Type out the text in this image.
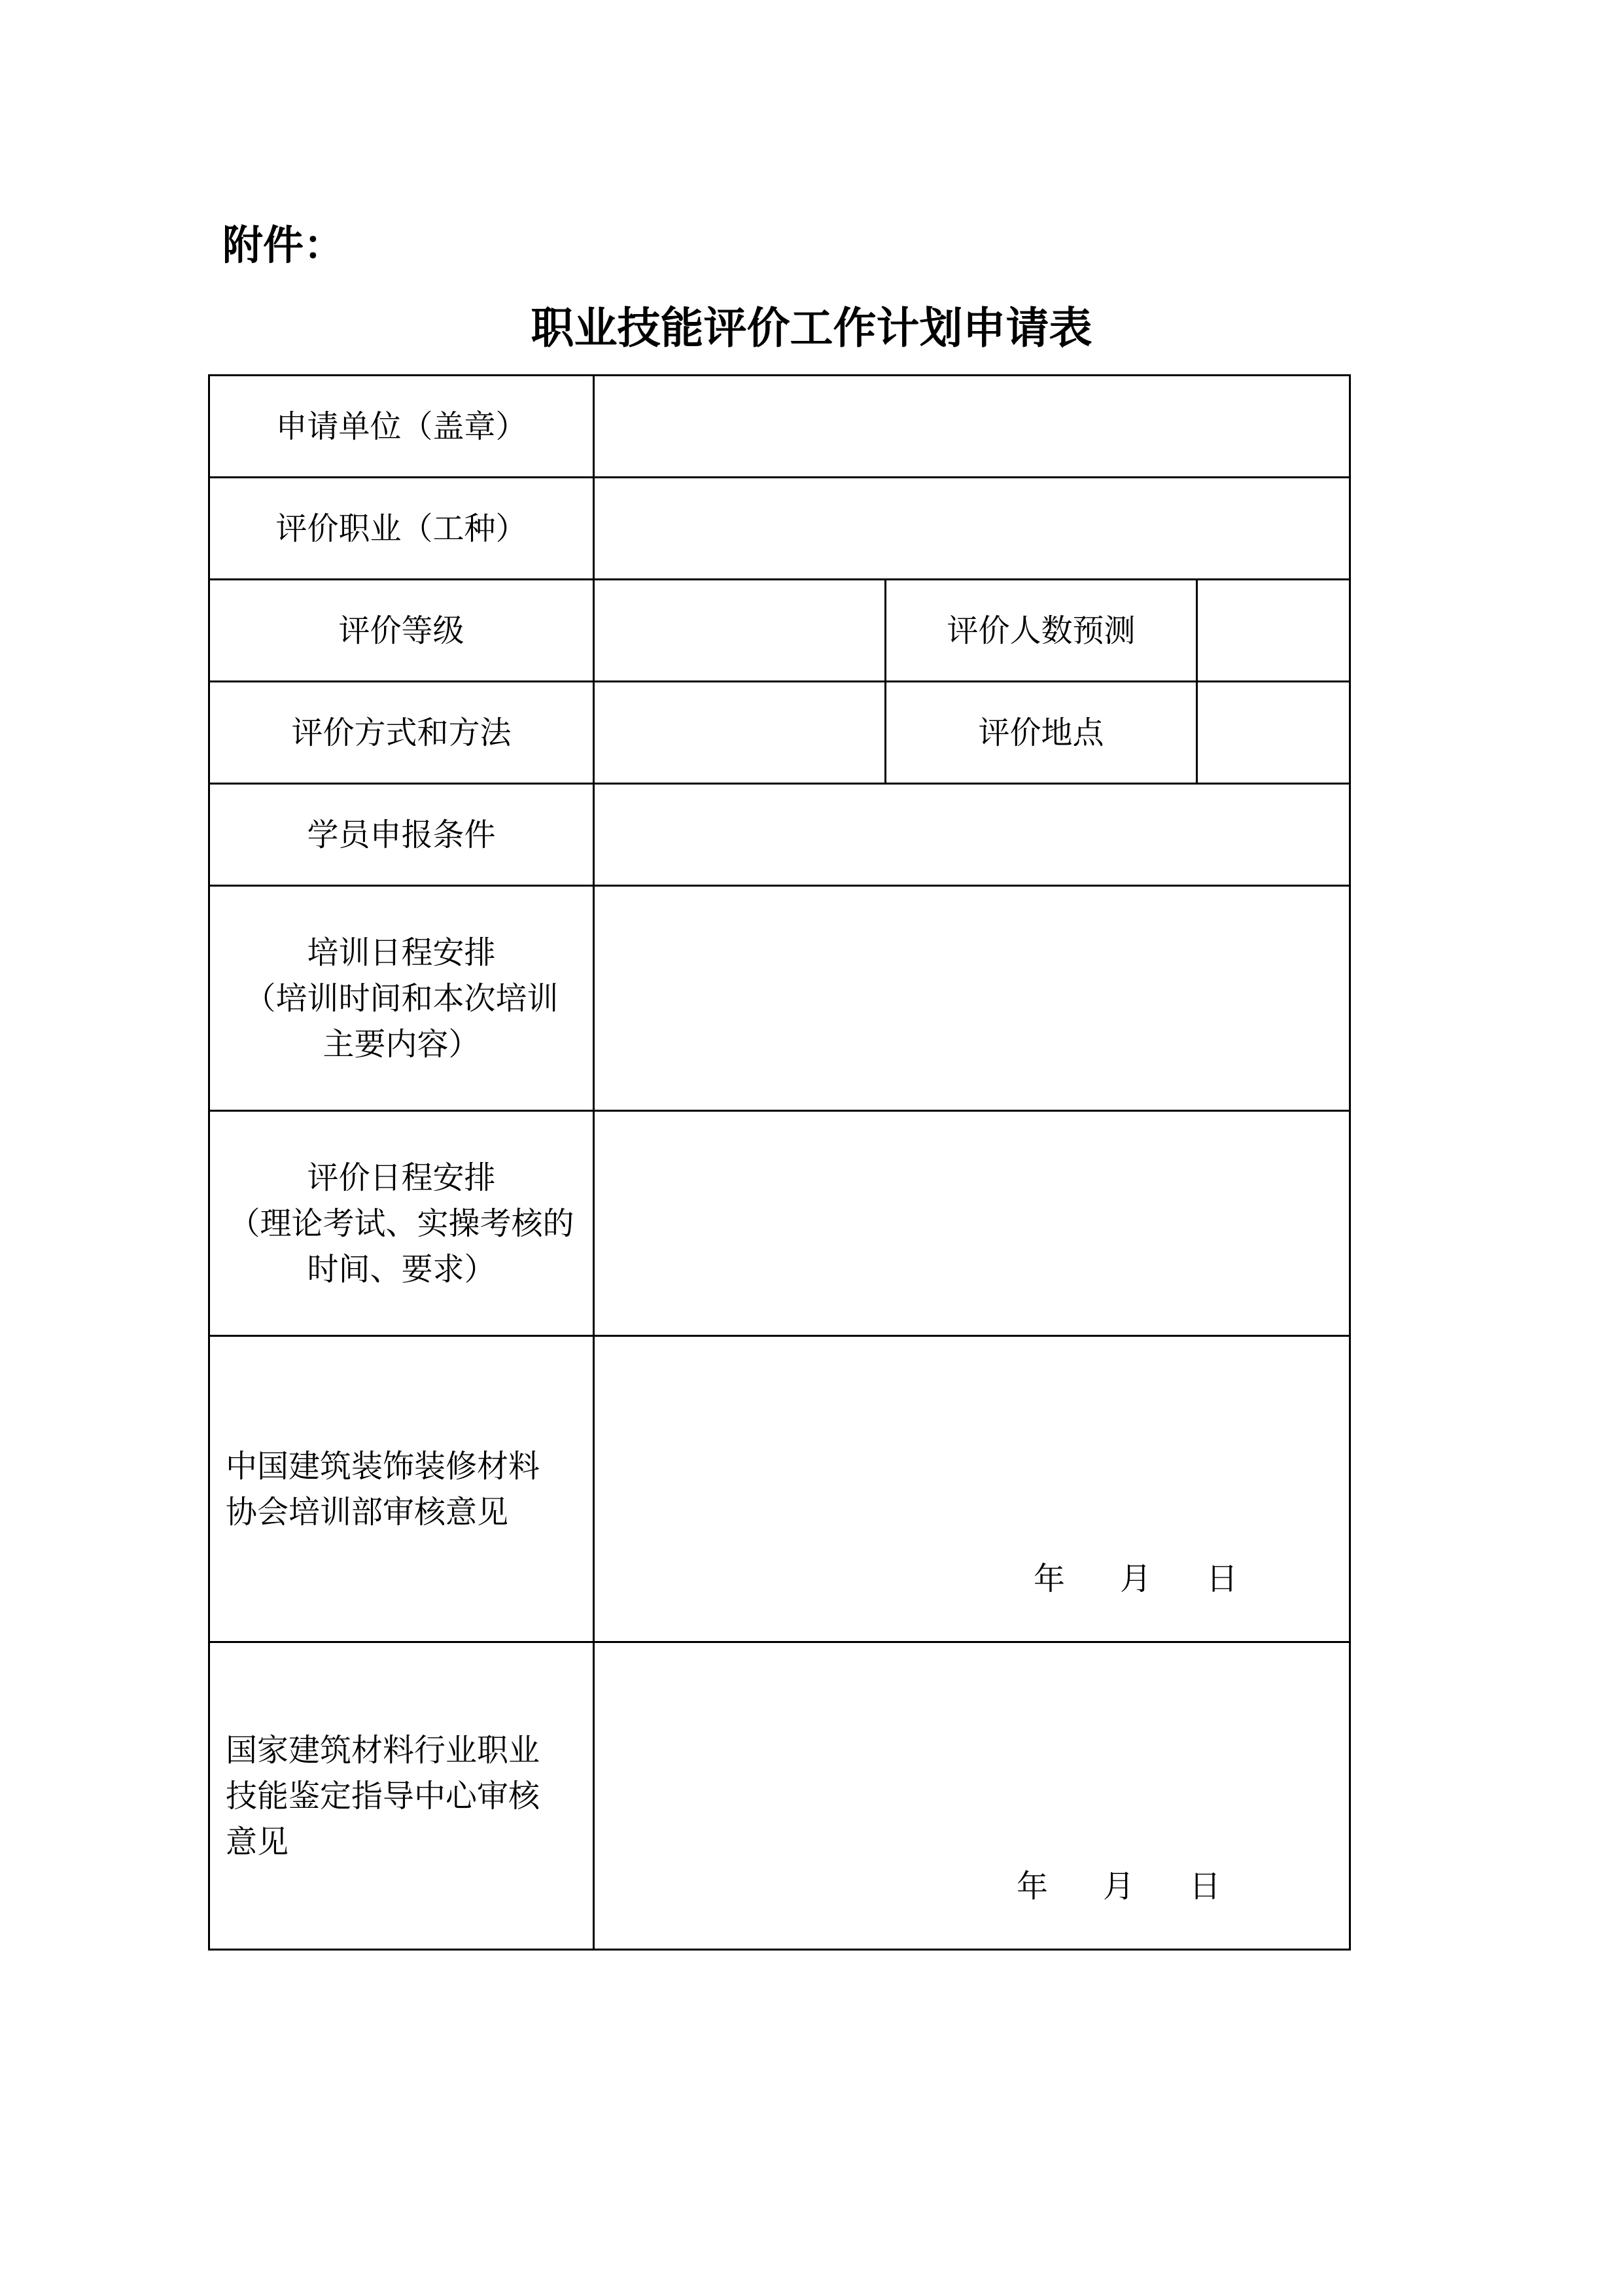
附件：
职业技能评价工作计划申请表
申请单位（盖章）			
评价职业（工种）			
评价等级		评价人数预测	
评价方式和方法		评价地点	
学员申报条件			

培训日程安排
（培训时间和本次培训
主要内容）			

评价日程安排
（理论考试、实操考核的
时间、要求）			

中国建筑装饰装修材料
协会培训部审核意见	年 月 日		

国家建筑材料行业职业
技能鉴定指导中心审核
意见	年 月 日		
